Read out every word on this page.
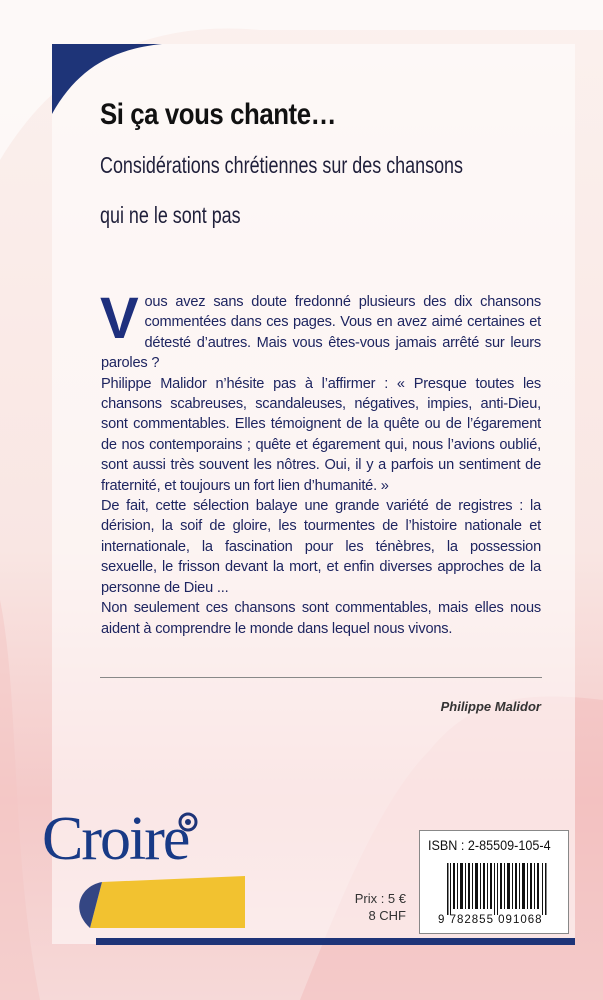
Si ça vous chante…
Considérations chrétiennes sur des chansons
qui ne le sont pas

Vous avez sans doute fredonné plusieurs des dix chansons commentées dans ces pages. Vous en avez aimé certaines et détesté d’autres. Mais vous êtes-vous jamais arrêté sur leurs paroles ?

Philippe Malidor n’hésite pas à l’affirmer : « Presque toutes les chansons scabreuses, scandaleuses, négatives, impies, anti-Dieu, sont commentables. Elles témoignent de la quête ou de l’égarement de nos contemporains ; quête et égarement qui, nous l’avions oublié, sont aussi très souvent les nôtres. Oui, il y a parfois un sentiment de fraternité, et toujours un fort lien d’humanité. »

De fait, cette sélection balaye une grande variété de registres : la dérision, la soif de gloire, les tourmentes de l’histoire nationale et internationale, la fascination pour les ténèbres, la possession sexuelle, le frisson devant la mort, et enfin diverses approches de la personne de Dieu ...

Non seulement ces chansons sont commentables, mais elles nous aident à comprendre le monde dans lequel nous vivons.

Philippe Malidor
Croire
Prix : 5 €
8 CHF
ISBN : 2-85509-105-4
9 782855 091068
